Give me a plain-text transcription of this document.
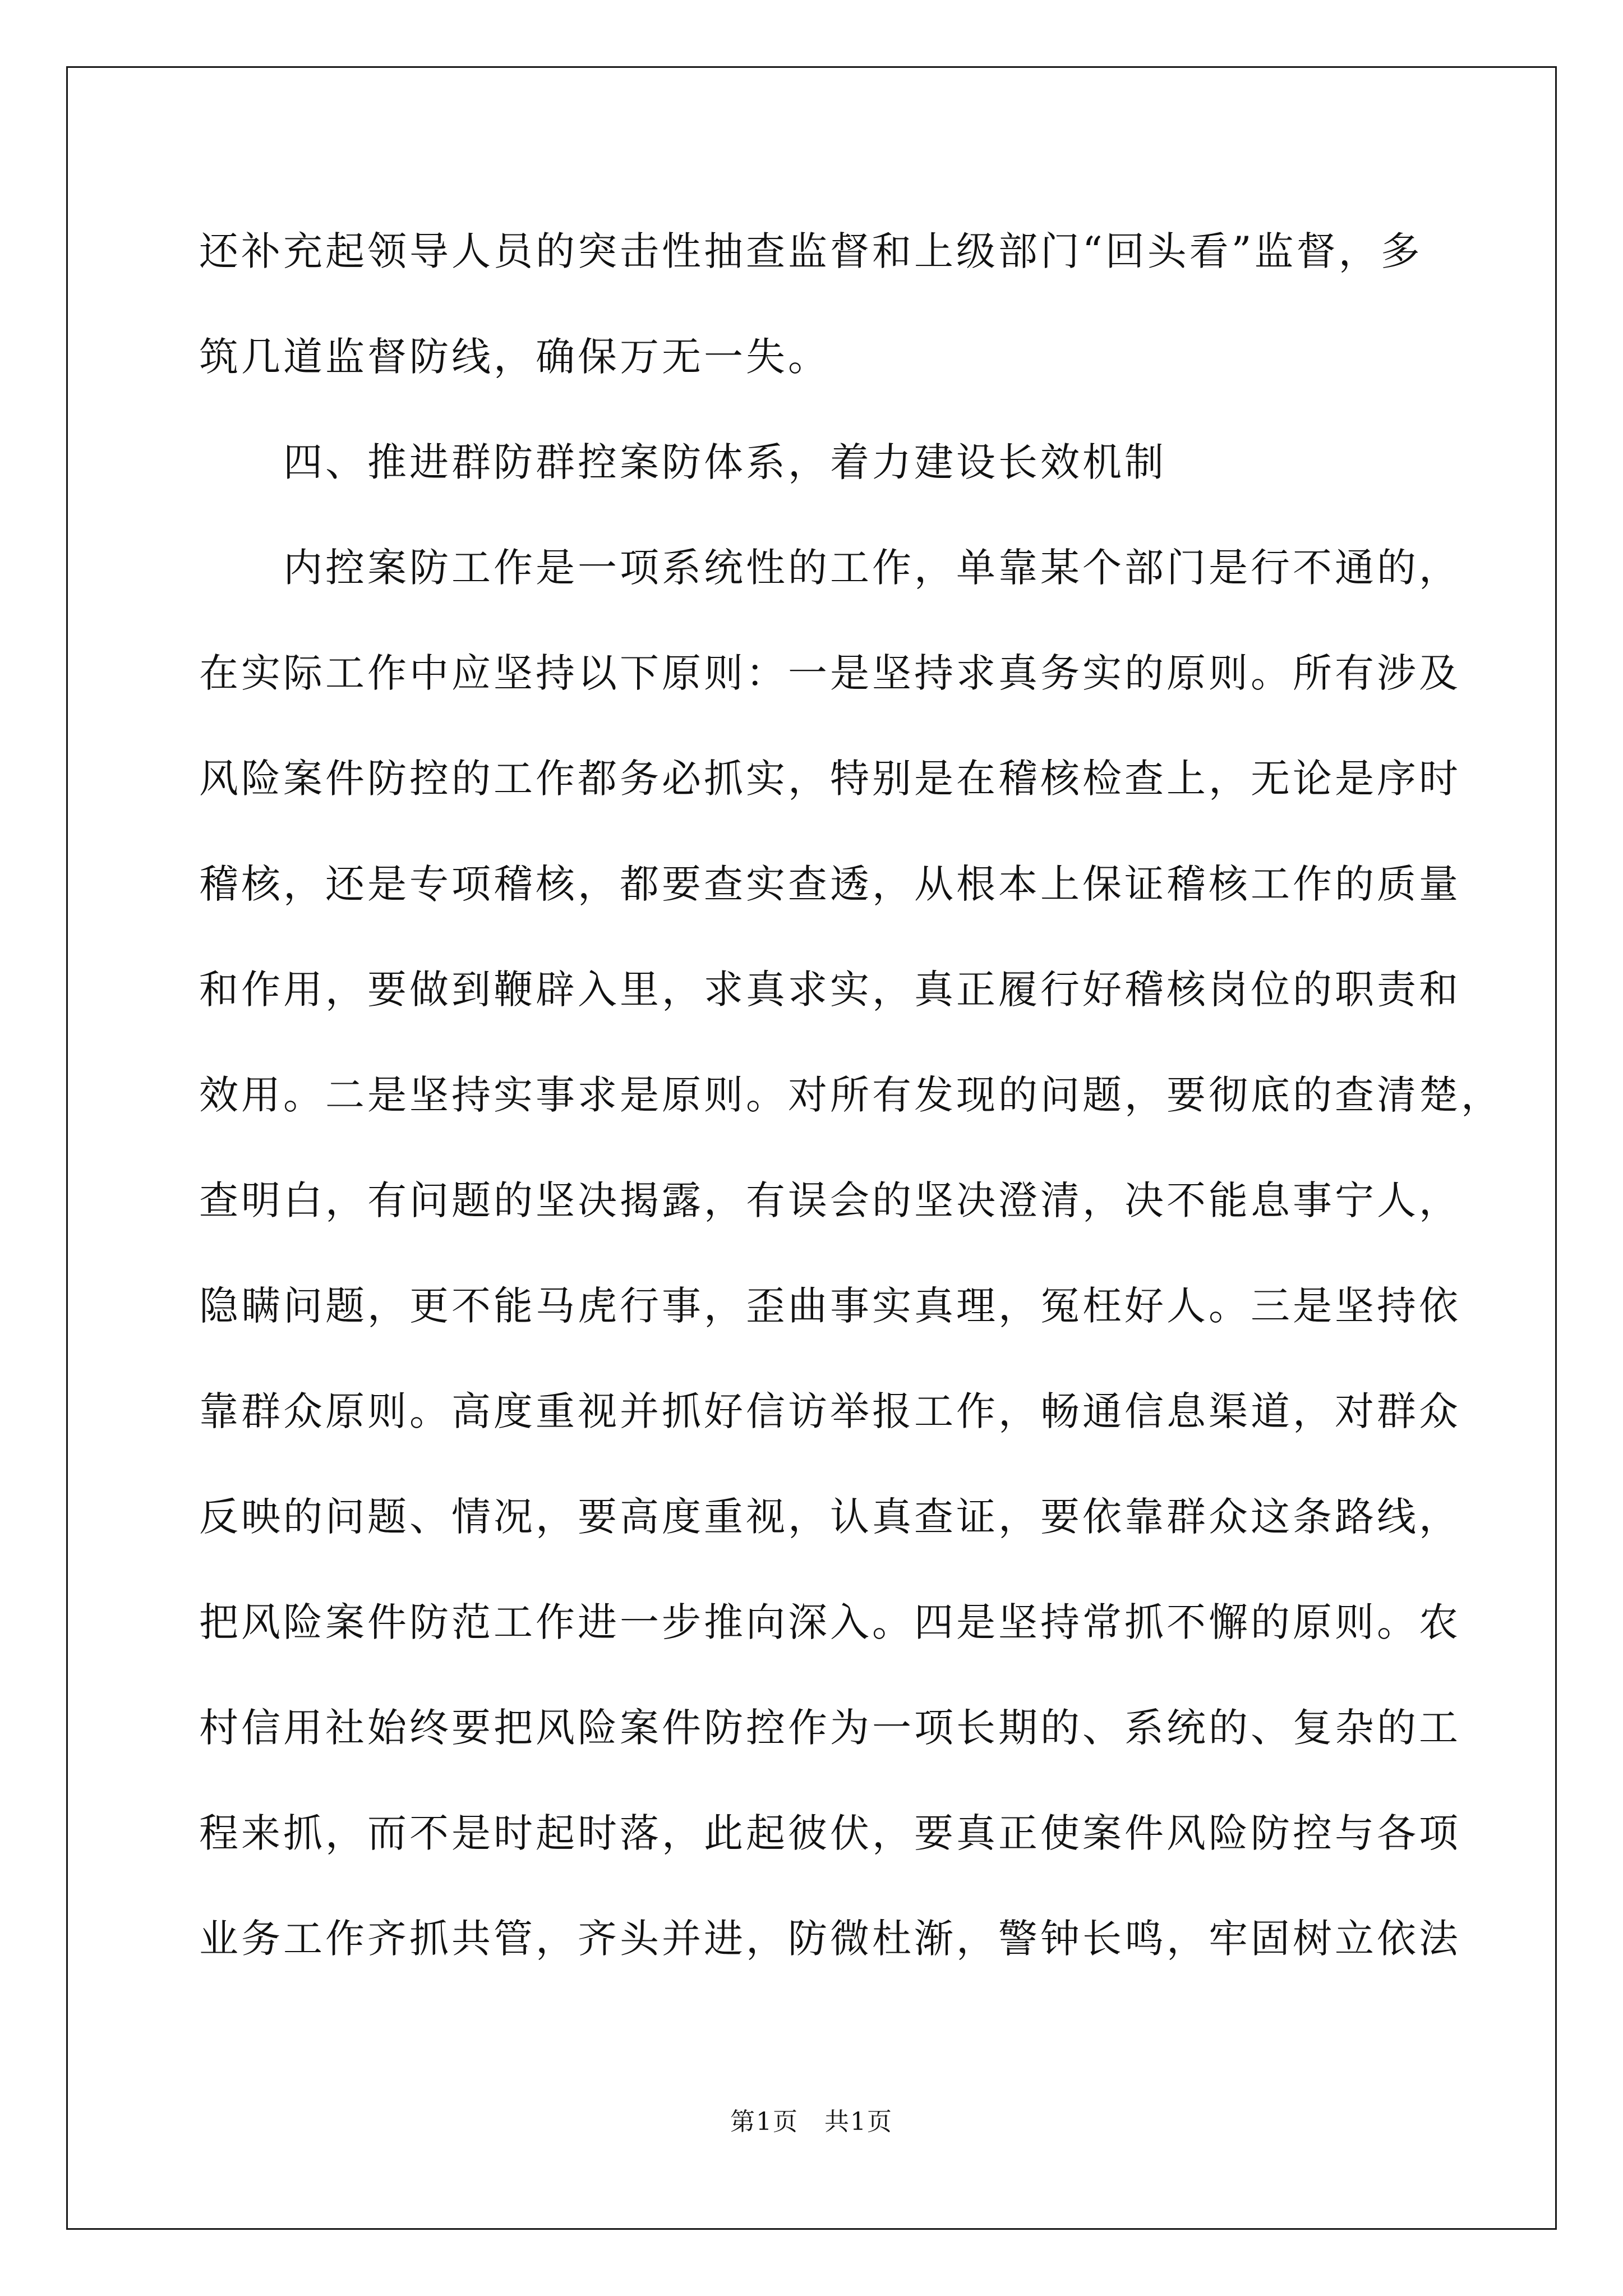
还补充起领导人员的突击性抽查监督和上级部门“回头看”监督，多
筑几道监督防线，确保万无一失。
四、推进群防群控案防体系，着力建设长效机制
内控案防工作是一项系统性的工作，单靠某个部门是行不通的，
在实际工作中应坚持以下原则：一是坚持求真务实的原则。所有涉及
风险案件防控的工作都务必抓实，特别是在稽核检查上，无论是序时
稽核，还是专项稽核，都要查实查透，从根本上保证稽核工作的质量
和作用，要做到鞭辟入里，求真求实，真正履行好稽核岗位的职责和
效用。二是坚持实事求是原则。对所有发现的问题，要彻底的查清楚，
查明白，有问题的坚决揭露，有误会的坚决澄清，决不能息事宁人，
隐瞒问题，更不能马虎行事，歪曲事实真理，冤枉好人。三是坚持依
靠群众原则。高度重视并抓好信访举报工作，畅通信息渠道，对群众
反映的问题、情况，要高度重视，认真查证，要依靠群众这条路线，
把风险案件防范工作进一步推向深入。四是坚持常抓不懈的原则。农
村信用社始终要把风险案件防控作为一项长期的、系统的、复杂的工
程来抓，而不是时起时落，此起彼伏，要真正使案件风险防控与各项
业务工作齐抓共管，齐头并进，防微杜渐，警钟长鸣，牢固树立依法
第1页　共1页
